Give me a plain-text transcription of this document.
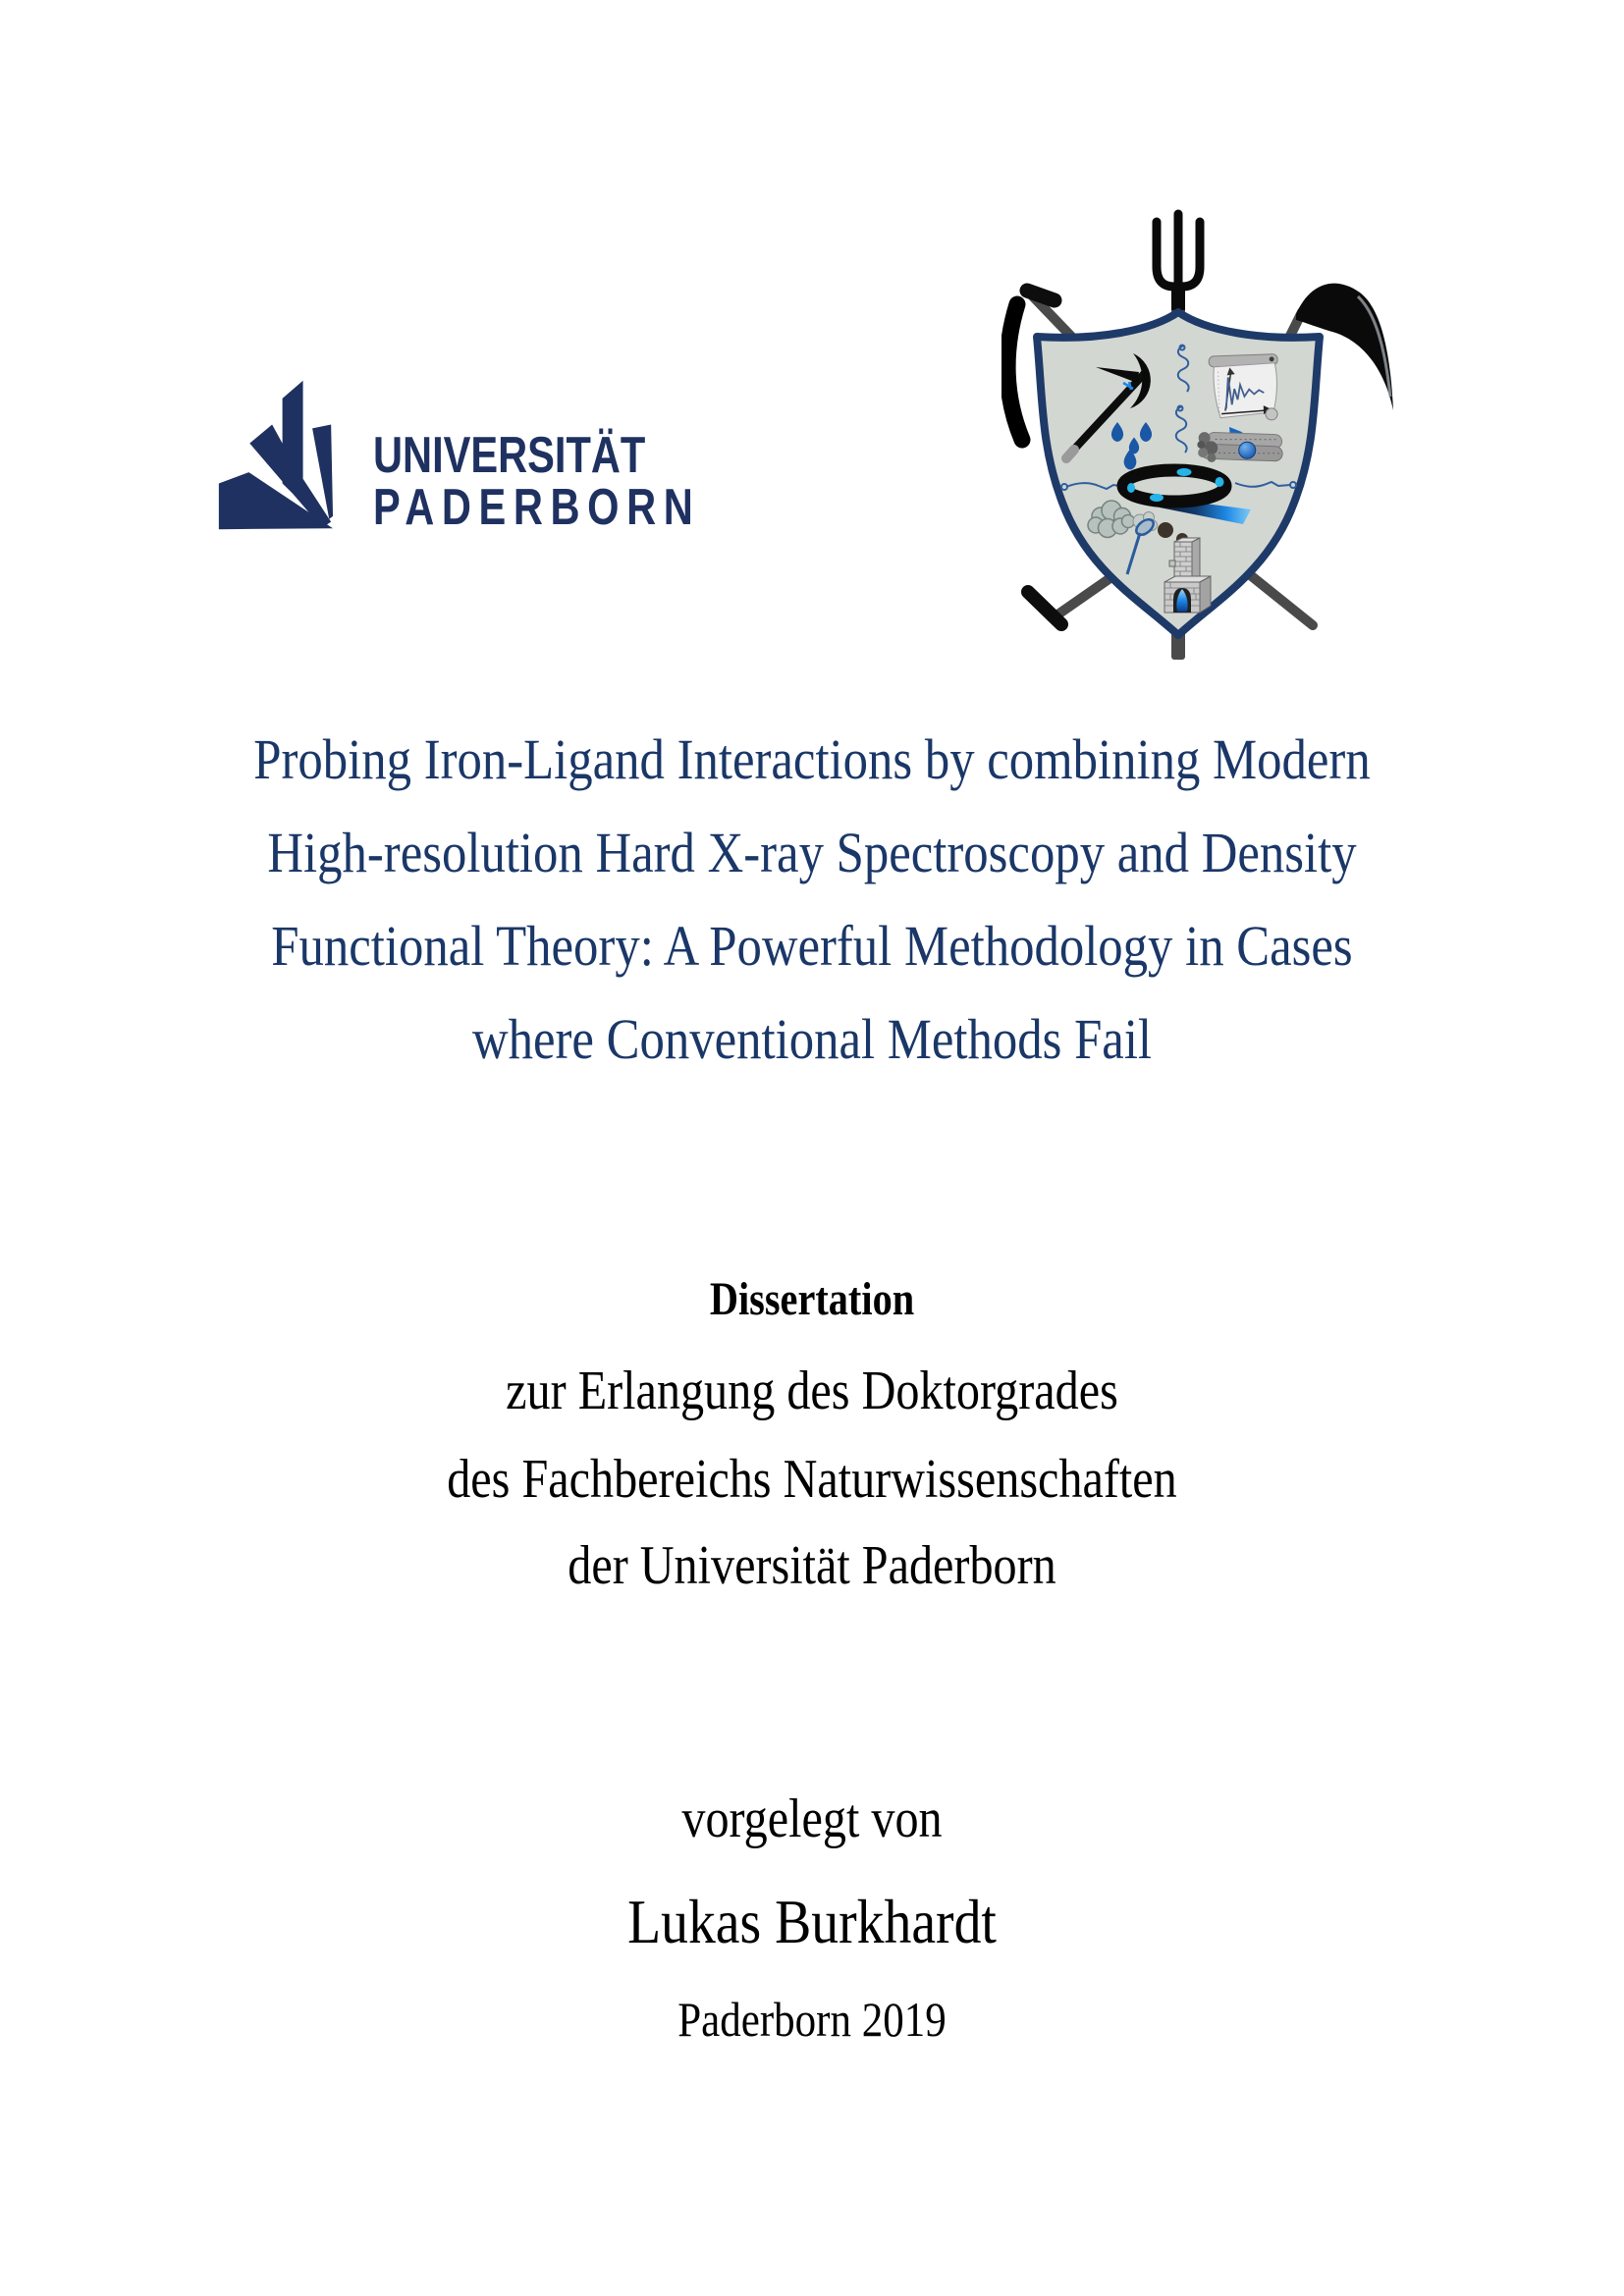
UNIVERSITÄT
PADERBORN
Probing Iron-Ligand Interactions by combining Modern
High-resolution Hard X-ray Spectroscopy and Density
Functional Theory: A Powerful Methodology in Cases
where Conventional Methods Fail
Dissertation
zur Erlangung des Doktorgrades
des Fachbereichs Naturwissenschaften
der Universität Paderborn
vorgelegt von
Lukas Burkhardt
Paderborn 2019
